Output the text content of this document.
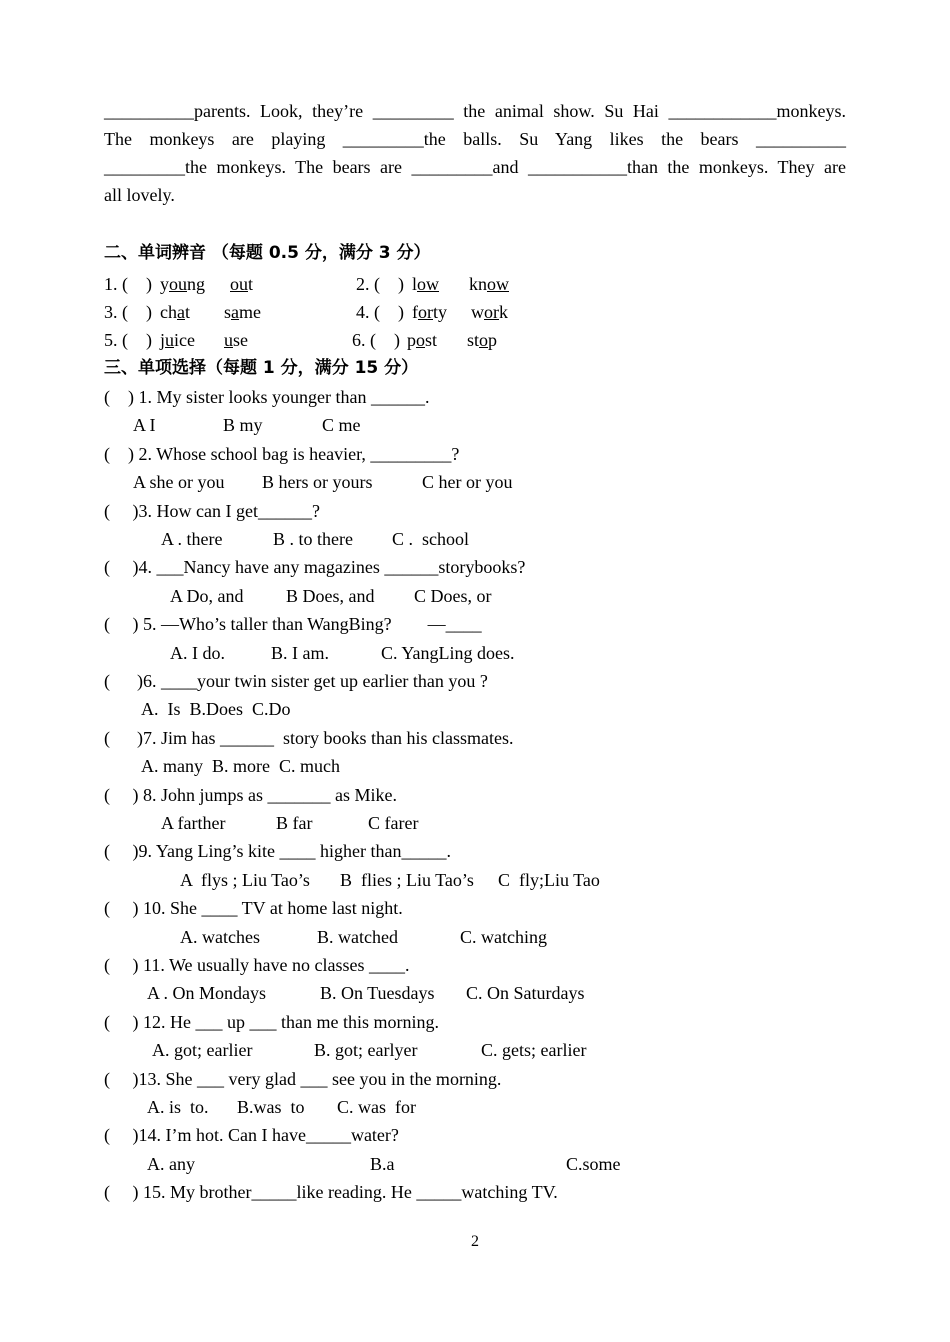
__________parents. Look, they’re _________ the animal show. Su Hai ____________monkeys.
The monkeys are playing _________the balls. Su Yang likes the bears __________
_________the monkeys. The bears are _________and ___________than the monkeys. They are
all lovely.
二、单词辨音 （每题 0.5 分，满分 3 分）
1. (    ) young out	2. (    ) low know
3. (    ) chat same	4. (    ) forty work
5. (    ) juice use	6. (    ) post stop
三、单项选择（每题 1 分，满分 15 分）
(    ) 1. My sister looks younger than ______.
A I	B my	C me
(    ) 2. Whose school bag is heavier, _________?
A she or you B hers or yours	C her or you
(     )3. How can I get______?
A . there	B . to there C .  school
(     )4. ___Nancy have any magazines ______storybooks?
A Do, and B Does, and C Does, or
(     ) 5. —Who’s taller than WangBing?        —____
A. I do.	B. I am.	C. YangLing does.
(      )6. ____your twin sister get up earlier than you ?
A.  Is  B.Does  C.Do
(      )7. Jim has ______  story books than his classmates.
A. many  B. more  C. much
(     ) 8. John jumps as _______ as Mike.
A farther	B far	C farer
(     )9. Yang Ling’s kite ____ higher than_____.
A  flys ; Liu Tao’s B  flies ; Liu Tao’s C  fly;Liu Tao
(     ) 10. She ____ TV at home last night.
A. watches	B. watched	C. watching
(     ) 11. We usually have no classes ____.
A . On Mondays	B. On Tuesdays C. On Saturdays
(     ) 12. He ___ up ___ than me this morning.
A. got; earlier	B. got; earlyer	C. gets; earlier
(     )13. She ___ very glad ___ see you in the morning.
A. is  to. B.was  to C. was  for
(     )14. I’m hot. Can I have_____water?
A. any	B.a	C.some
(     ) 15. My brother_____like reading. He _____watching TV.
2
